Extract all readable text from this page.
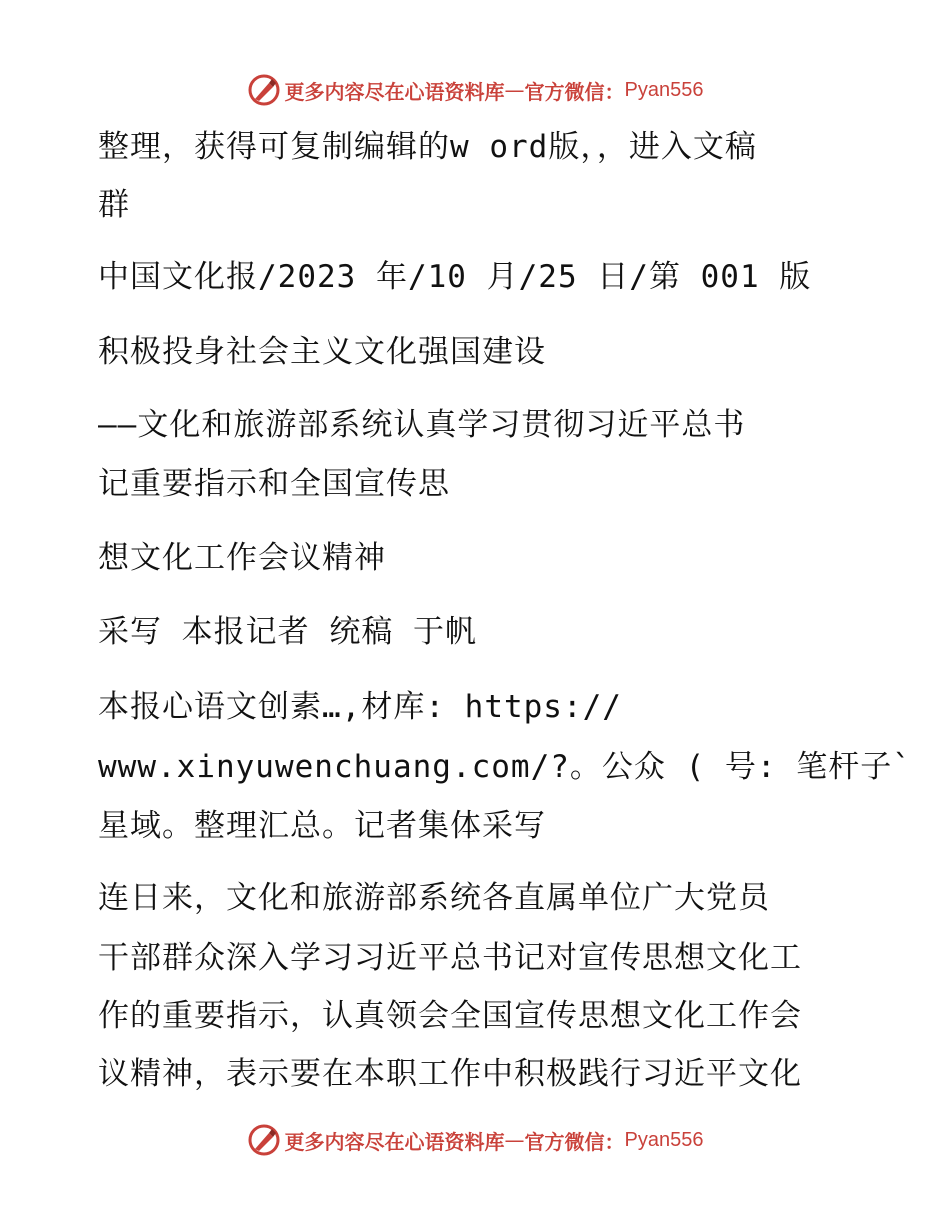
更多内容尽在心语资料库 — 官方微信： Pyan556
整理，获得可复制编辑的w ord版，，进入文稿
群
中国文化报/2023 年/10 月/25 日/第 001 版
积极投身社会主义文化强国建设
——文化和旅游部系统认真学习贯彻习近平总书
记重要指示和全国宣传思
想文化工作会议精神
采写 本报记者 统稿 于帆
本报心语文创素…,材库: https://
www.xinyuwenchuang.com/?。公众 ( 号: 笔杆子`
星域。整理汇总。记者集体采写
连日来，文化和旅游部系统各直属单位广大党员
干部群众深入学习习近平总书记对宣传思想文化工
作的重要指示，认真领会全国宣传思想文化工作会
议精神，表示要在本职工作中积极践行习近平文化
更多内容尽在心语资料库 — 官方微信： Pyan556
